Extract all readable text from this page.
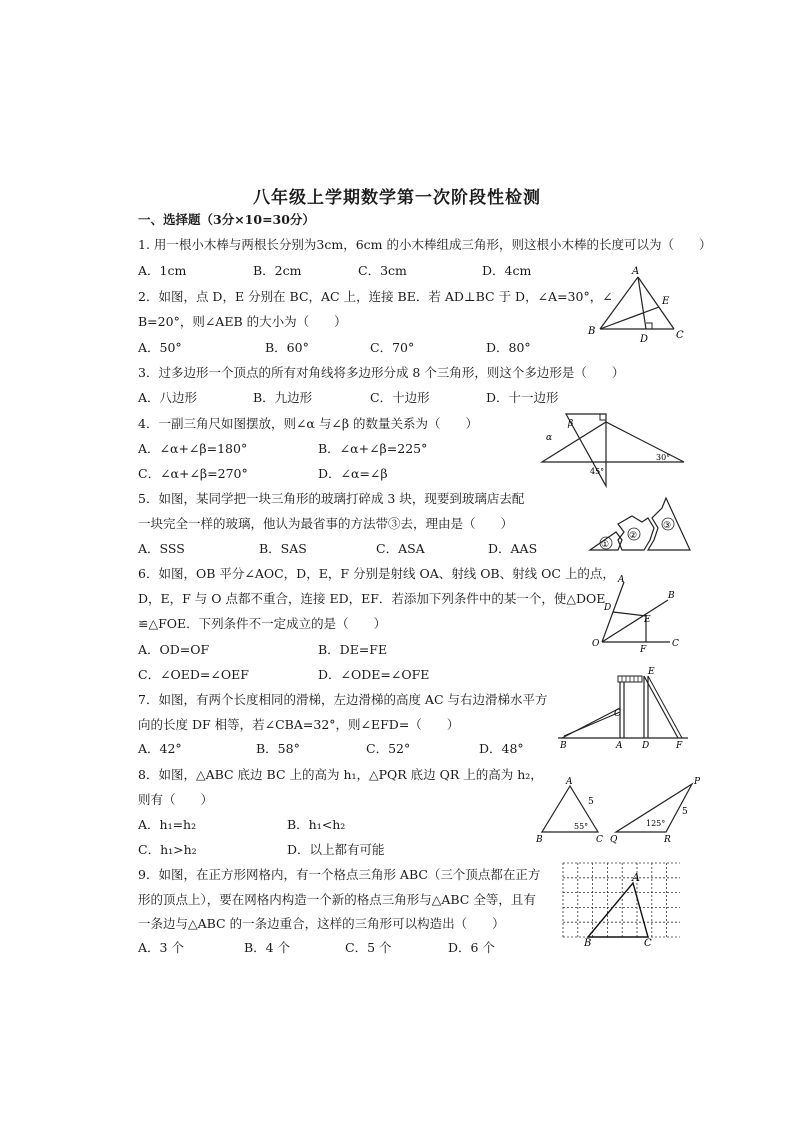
八年级上学期数学第一次阶段性检测
一、选择题（3分×10=30分）
1. 用一根小木棒与两根长分别为3cm，6cm 的小木棒组成三角形，则这根小木棒的长度可以为（　　）
A．1cm	B．2cm	C．3cm	D．4cm
2．如图，点 D，E 分别在 BC，AC 上，连接 BE．若 AD⊥BC 于 D，∠A=30°，∠
B=20°，则∠AEB 的大小为（　　）
A．50°	B．60°	C．70°	D．80°
A
E
B
D	C
3．过多边形一个顶点的所有对角线将多边形分成 8 个三角形，则这个多边形是（　　）
A．八边形	B．九边形	C．十边形	D．十一边形
4．一副三角尺如图摆放，则∠α 与∠β 的数量关系为（　　）
A．∠α+∠β=180°	B．∠α+∠β=225°
C．∠α+∠β=270°	D．∠α=∠β
α
β
45°
30°
5．如图，某同学把一块三角形的玻璃打碎成 3 块，现要到玻璃店去配
一块完全一样的玻璃，他认为最省事的方法带③去，理由是（　　）
A．SSS	B．SAS	C．ASA	D．AAS	①
②
③
6．如图，OB 平分∠AOC，D，E，F 分别是射线 OA、射线 OB、射线 OC 上的点，
D，E，F 与 O 点都不重合，连接 ED，EF．若添加下列条件中的某一个，使△DOE
≌△FOE．下列条件不一定成立的是（　　）
A．OD=OF	B．DE=FE
C．∠OED=∠OEF	D．∠ODE=∠OFE
A
B
D
E
O
F
C
7．如图，有两个长度相同的滑梯，左边滑梯的高度 AC 与右边滑梯水平方
向的长度 DF 相等，若∠CBA=32°，则∠EFD=（　　）
A．42°	B．58°	C．52°	D．48°
E
C
B	A D	F
8．如图，△ABC 底边 BC 上的高为 h₁，△PQR 底边 QR 上的高为 h₂，
则有（　　）
A．h₁=h₂	B．h₁<h₂
C．h₁>h₂	D．以上都有可能
A
B	C
5
55°
P
Q	R
5
125°
9．如图，在正方形网格内，有一个格点三角形 ABC（三个顶点都在正方
形的顶点上），要在网格内构造一个新的格点三角形与△ABC 全等，且有
一条边与△ABC 的一条边重合，这样的三角形可以构造出（　　）
A．3 个	B．4 个	C．5 个	D．6 个
A
B	C
